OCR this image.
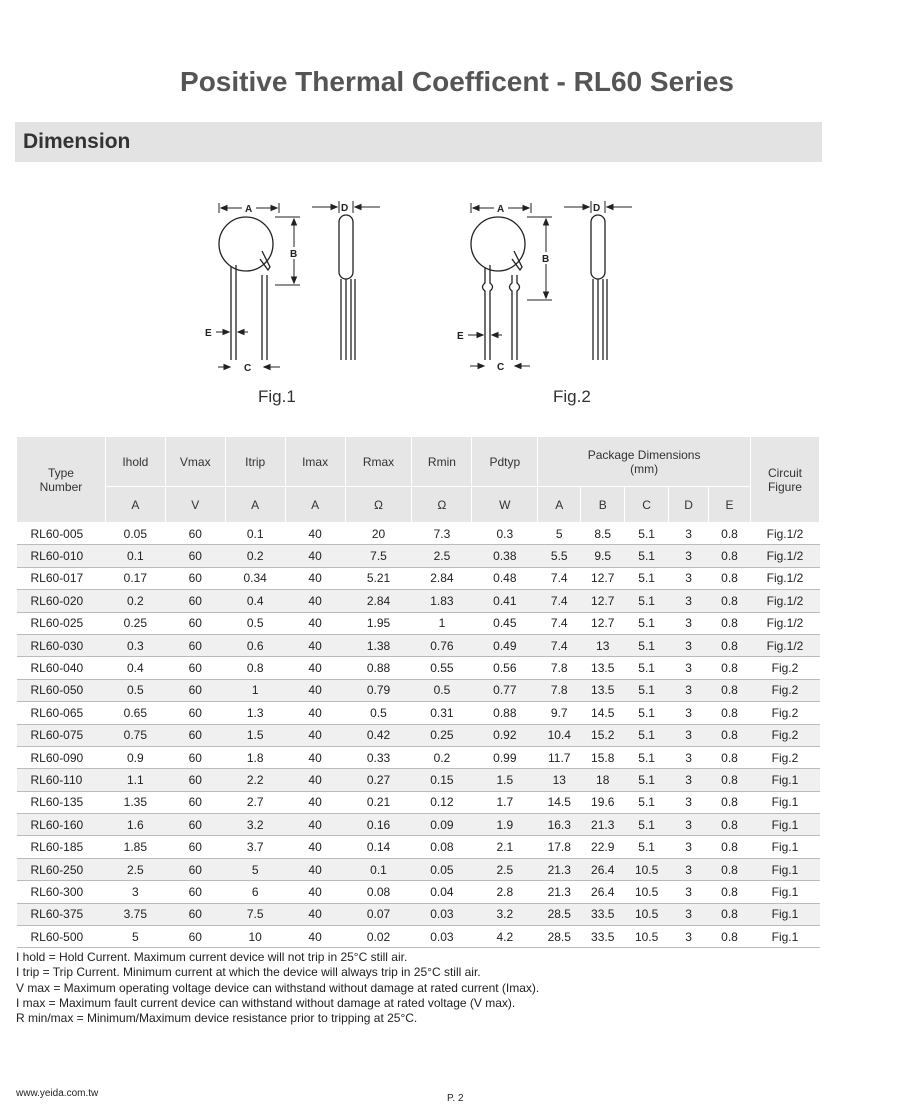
Positive Thermal Coefficent - RL60 Series
Dimension
A
B
E
C
D
Fig.1
A
B
E
C
D
Fig.2
Type
Number	Ihold	Vmax	Itrip	Imax	Rmax	Rmin	Pdtyp	Package Dimensions
(mm)					Circuit
Figure
	A	V	A	A	Ω	Ω	W	A	B	C	D	E	
RL60-005	0.05	60	0.1	40	20	7.3	0.3	5	8.5	5.1	3	0.8	Fig.1/2
RL60-010	0.1	60	0.2	40	7.5	2.5	0.38	5.5	9.5	5.1	3	0.8	Fig.1/2
RL60-017	0.17	60	0.34	40	5.21	2.84	0.48	7.4	12.7	5.1	3	0.8	Fig.1/2
RL60-020	0.2	60	0.4	40	2.84	1.83	0.41	7.4	12.7	5.1	3	0.8	Fig.1/2
RL60-025	0.25	60	0.5	40	1.95	1	0.45	7.4	12.7	5.1	3	0.8	Fig.1/2
RL60-030	0.3	60	0.6	40	1.38	0.76	0.49	7.4	13	5.1	3	0.8	Fig.1/2
RL60-040	0.4	60	0.8	40	0.88	0.55	0.56	7.8	13.5	5.1	3	0.8	Fig.2
RL60-050	0.5	60	1	40	0.79	0.5	0.77	7.8	13.5	5.1	3	0.8	Fig.2
RL60-065	0.65	60	1.3	40	0.5	0.31	0.88	9.7	14.5	5.1	3	0.8	Fig.2
RL60-075	0.75	60	1.5	40	0.42	0.25	0.92	10.4	15.2	5.1	3	0.8	Fig.2
RL60-090	0.9	60	1.8	40	0.33	0.2	0.99	11.7	15.8	5.1	3	0.8	Fig.2
RL60-110	1.1	60	2.2	40	0.27	0.15	1.5	13	18	5.1	3	0.8	Fig.1
RL60-135	1.35	60	2.7	40	0.21	0.12	1.7	14.5	19.6	5.1	3	0.8	Fig.1
RL60-160	1.6	60	3.2	40	0.16	0.09	1.9	16.3	21.3	5.1	3	0.8	Fig.1
RL60-185	1.85	60	3.7	40	0.14	0.08	2.1	17.8	22.9	5.1	3	0.8	Fig.1
RL60-250	2.5	60	5	40	0.1	0.05	2.5	21.3	26.4	10.5	3	0.8	Fig.1
RL60-300	3	60	6	40	0.08	0.04	2.8	21.3	26.4	10.5	3	0.8	Fig.1
RL60-375	3.75	60	7.5	40	0.07	0.03	3.2	28.5	33.5	10.5	3	0.8	Fig.1
RL60-500	5	60	10	40	0.02	0.03	4.2	28.5	33.5	10.5	3	0.8	Fig.1
I hold = Hold Current. Maximum current device will not trip in 25°C still air.
I trip = Trip Current. Minimum current at which the device will always trip in 25°C still air.
V max = Maximum operating voltage device can withstand without damage at rated current (Imax).
I max = Maximum fault current device can withstand without damage at rated voltage (V max).
R min/max = Minimum/Maximum device resistance prior to tripping at 25°C.
www.yeida.com.tw	P. 2
